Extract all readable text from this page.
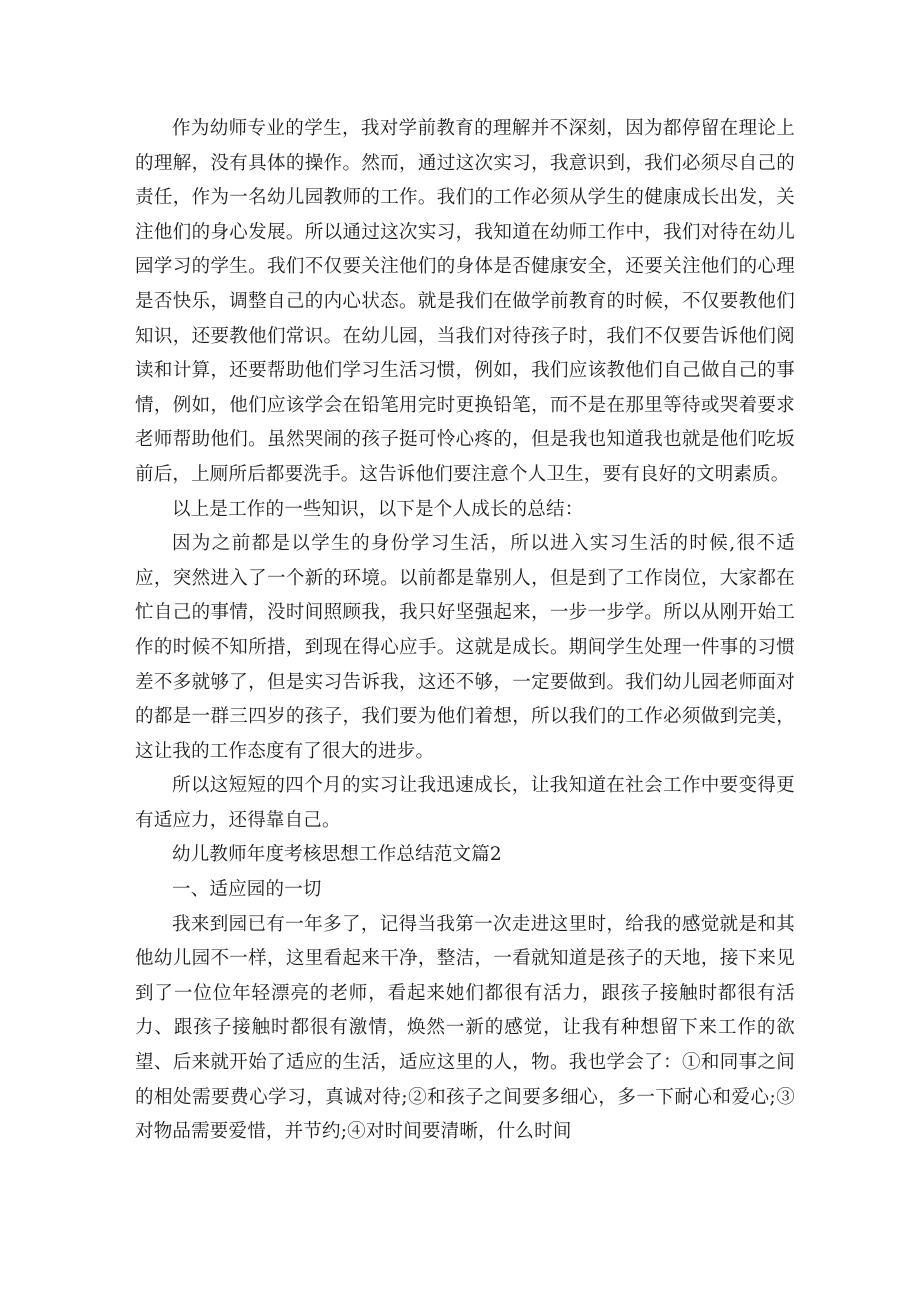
作为幼师专业的学生，我对学前教育的理解并不深刻，因为都停留在理论上的理解，没有具体的操作。然而，通过这次实习，我意识到，我们必须尽自己的责任，作为一名幼儿园教师的工作。我们的工作必须从学生的健康成长出发，关注他们的身心发展。所以通过这次实习，我知道在幼师工作中，我们对待在幼儿园学习的学生。我们不仅要关注他们的身体是否健康安全，还要关注他们的心理是否快乐，调整自己的内心状态。就是我们在做学前教育的时候，不仅要教他们知识，还要教他们常识。在幼儿园，当我们对待孩子时，我们不仅要告诉他们阅读和计算，还要帮助他们学习生活习惯，例如，我们应该教他们自己做自己的事情，例如，他们应该学会在铅笔用完时更换铅笔，而不是在那里等待或哭着要求老师帮助他们。虽然哭闹的孩子挺可怜心疼的，但是我也知道我也就是他们吃坂前后，上厕所后都要洗手。这告诉他们要注意个人卫生，要有良好的文明素质。

以上是工作的一些知识，以下是个人成长的总结：

因为之前都是以学生的身份学习生活，所以进入实习生活的时候,很不适应，突然进入了一个新的环境。以前都是靠别人，但是到了工作岗位，大家都在忙自己的事情，没时间照顾我，我只好坚强起来，一步一步学。所以从刚开始工作的时候不知所措，到现在得心应手。这就是成长。期间学生处理一件事的习惯差不多就够了，但是实习告诉我，这还不够，一定要做到。我们幼儿园老师面对的都是一群三四岁的孩子，我们要为他们着想，所以我们的工作必须做到完美，这让我的工作态度有了很大的进步。

所以这短短的四个月的实习让我迅速成长，让我知道在社会工作中要变得更有适应力，还得靠自己。

幼儿教师年度考核思想工作总结范文篇2

一、适应园的一切

我来到园已有一年多了，记得当我第一次走进这里时，给我的感觉就是和其他幼儿园不一样，这里看起来干净，整洁，一看就知道是孩子的天地，接下来见到了一位位年轻漂亮的老师，看起来她们都很有活力，跟孩子接触时都很有活力、跟孩子接触时都很有激情，焕然一新的感觉，让我有种想留下来工作的欲望、后来就开始了适应的生活，适应这里的人，物。我也学会了：①和同事之间的相处需要费心学习，真诚对待;②和孩子之间要多细心，多一下耐心和爱心;③对物品需要爱惜，并节约;④对时间要清晰，什么时间
